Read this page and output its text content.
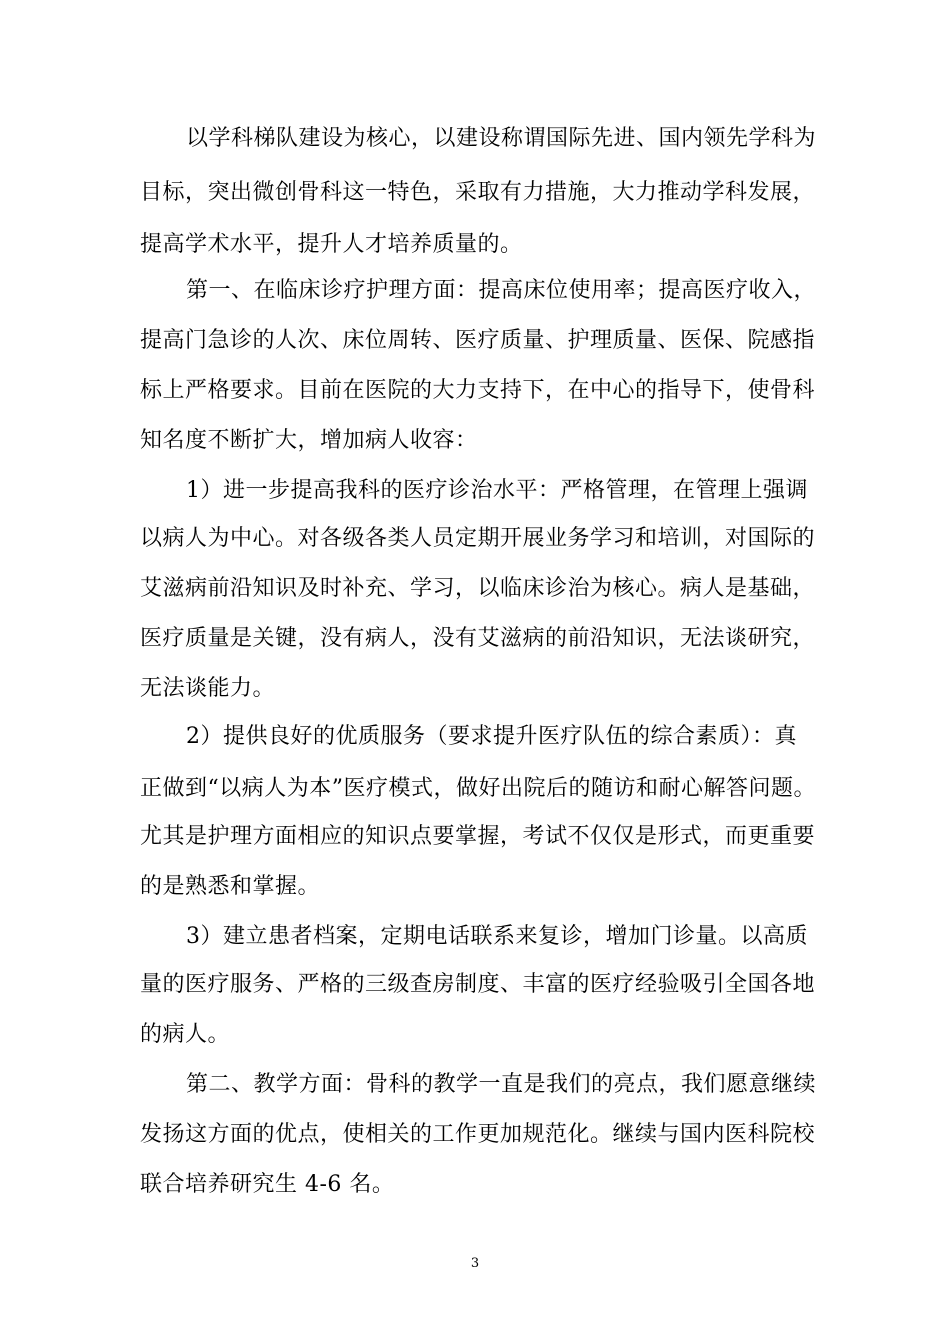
以学科梯队建设为核心，以建设称谓国际先进、国内领先学科为
目标，突出微创骨科这一特色，采取有力措施，大力推动学科发展，
提高学术水平，提升人才培养质量的。
第一、在临床诊疗护理方面：提高床位使用率；提高医疗收入，
提高门急诊的人次、床位周转、医疗质量、护理质量、医保、院感指
标上严格要求。目前在医院的大力支持下，在中心的指导下，使骨科
知名度不断扩大，增加病人收容：
1）进一步提高我科的医疗诊治水平：严格管理，在管理上强调
以病人为中心。对各级各类人员定期开展业务学习和培训，对国际的
艾滋病前沿知识及时补充、学习，以临床诊治为核心。病人是基础，
医疗质量是关键，没有病人，没有艾滋病的前沿知识，无法谈研究，
无法谈能力。
2）提供良好的优质服务（要求提升医疗队伍的综合素质）：真
正做到“以病人为本”医疗模式，做好出院后的随访和耐心解答问题。
尤其是护理方面相应的知识点要掌握，考试不仅仅是形式，而更重要
的是熟悉和掌握。
3）建立患者档案，定期电话联系来复诊，增加门诊量。以高质
量的医疗服务、严格的三级查房制度、丰富的医疗经验吸引全国各地
的病人。
第二、教学方面：骨科的教学一直是我们的亮点，我们愿意继续
发扬这方面的优点，使相关的工作更加规范化。继续与国内医科院校
联合培养研究生 4-6 名。
3
